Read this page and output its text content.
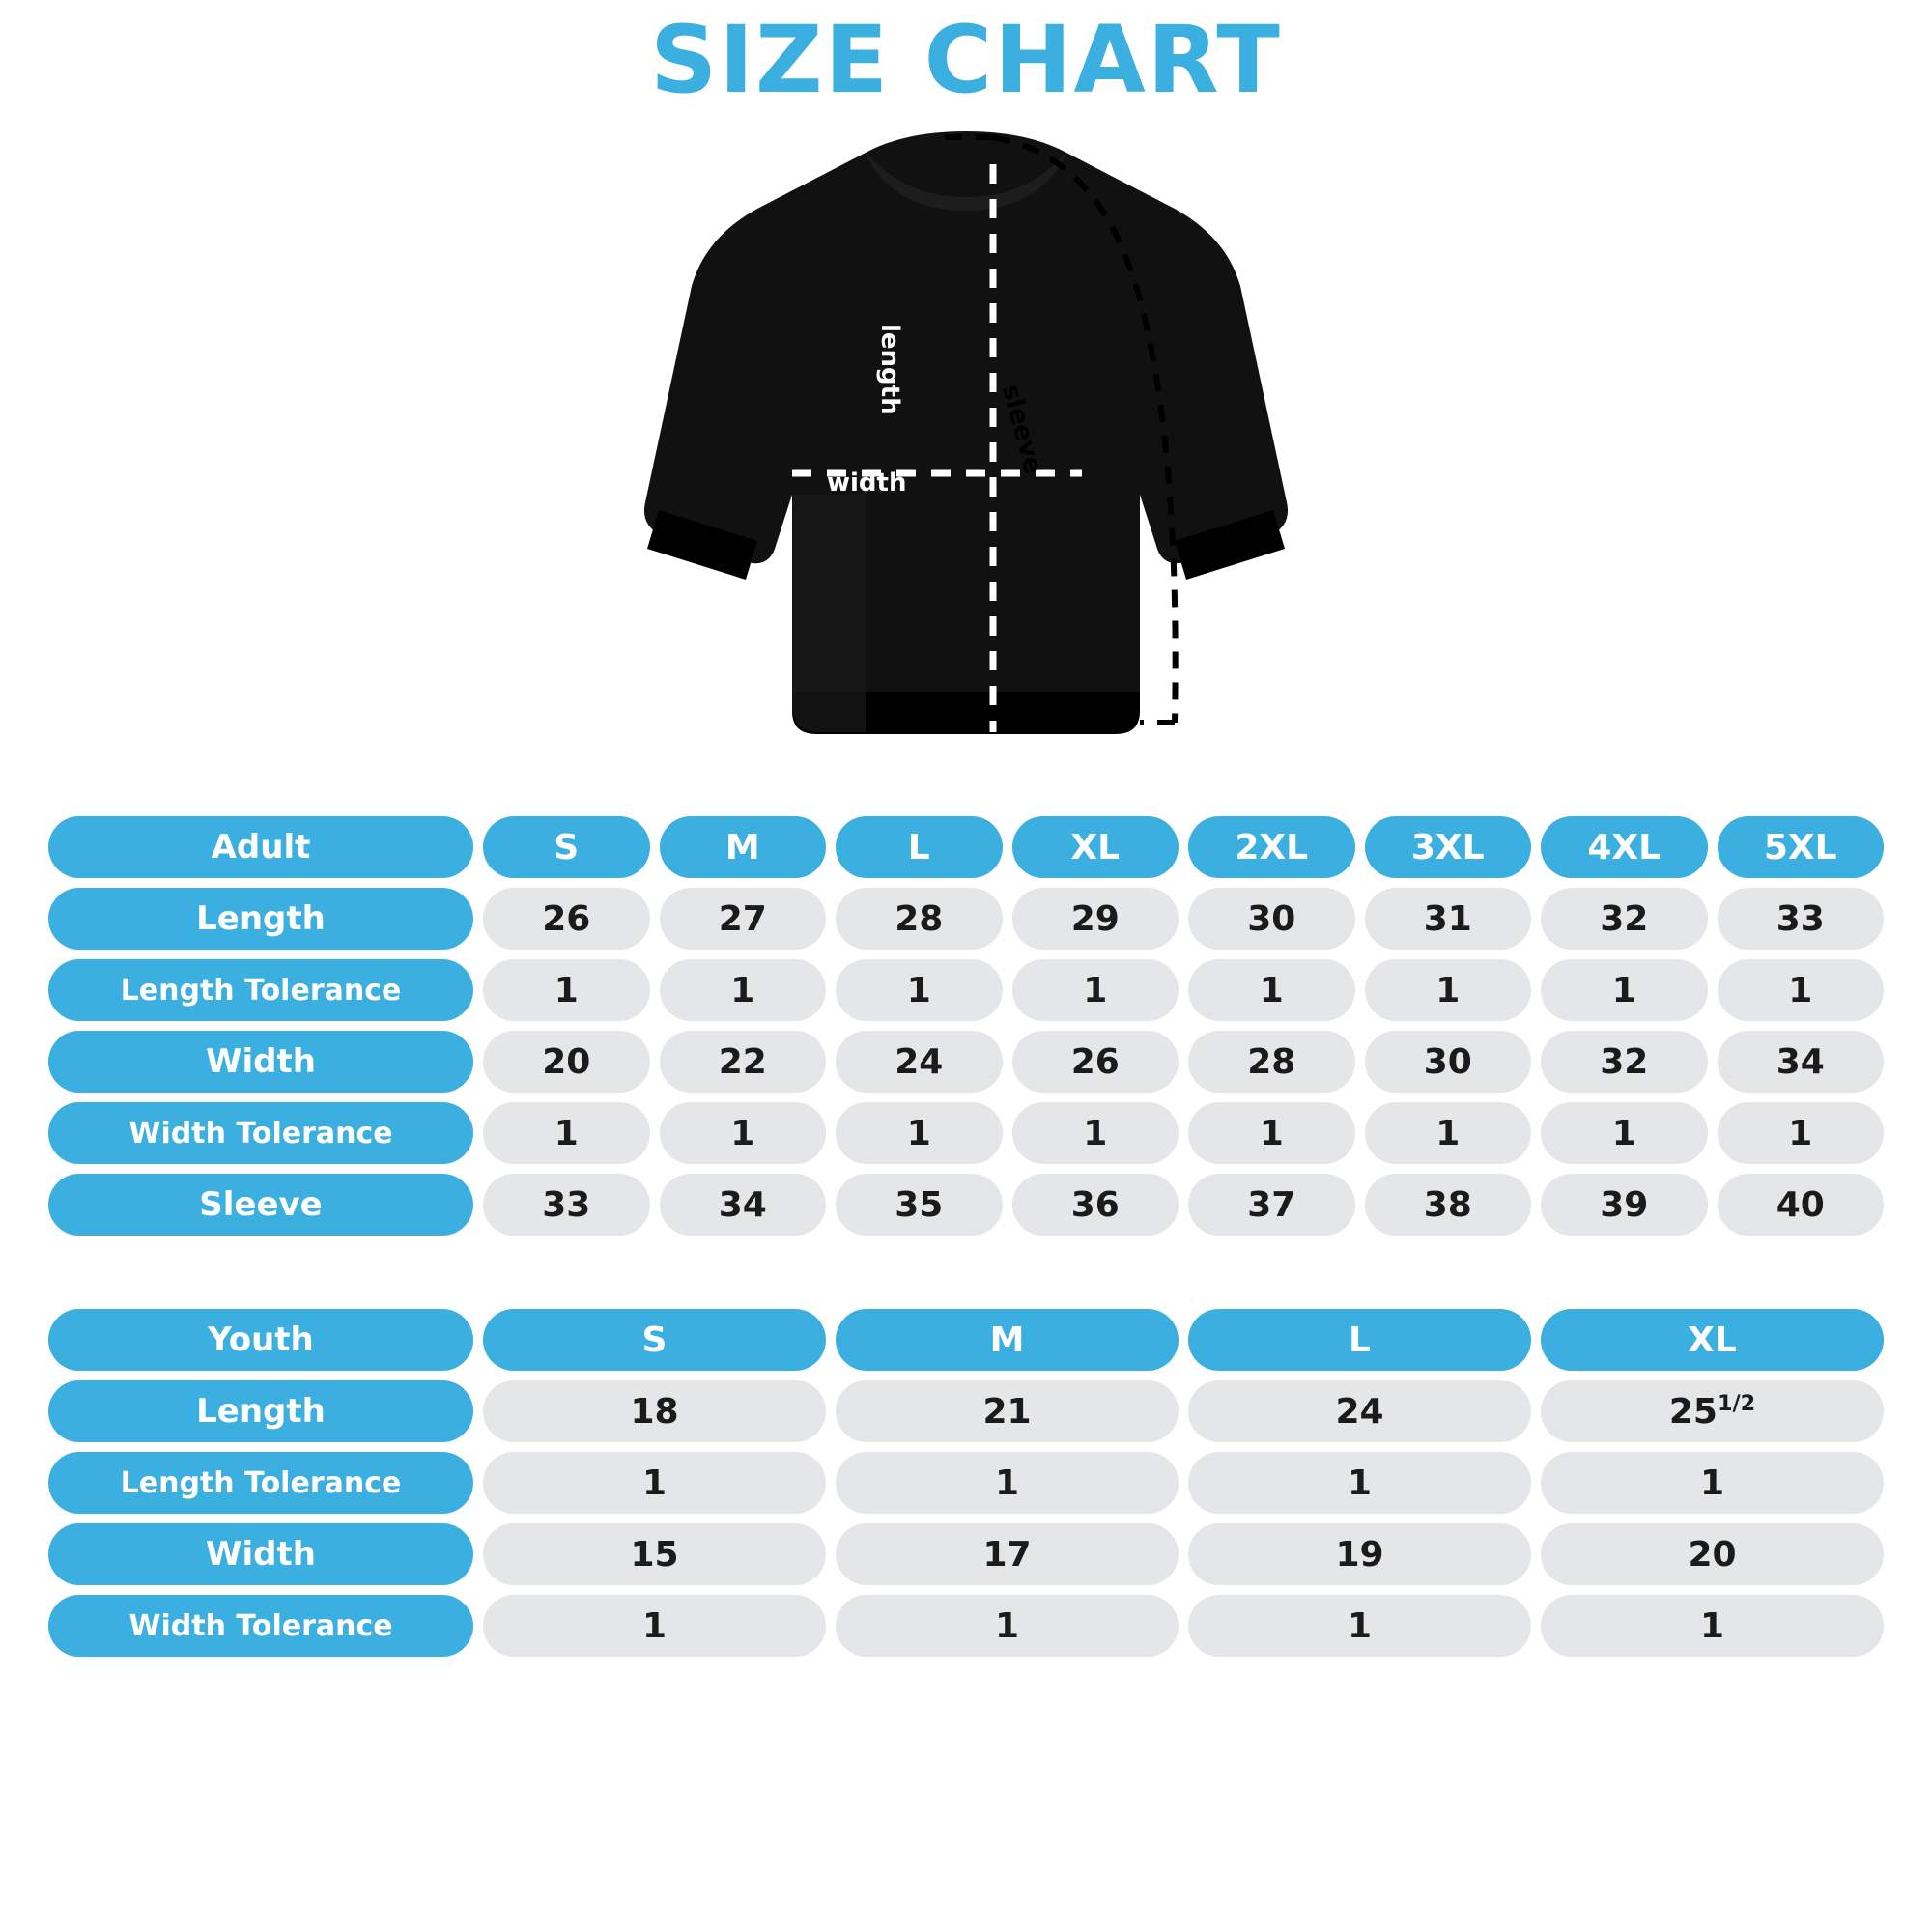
SIZE CHART
width
length
sleeve
Adult	S	M	L	XL	2XL	3XL	4XL	5XL
Length	26	27	28	29	30	31	32	33
Length Tolerance	1	1	1	1	1	1	1	1
Width	20	22	24	26	28	30	32	34
Width Tolerance	1	1	1	1	1	1	1	1
Sleeve	33	34	35	36	37	38	39	40
Youth	S	M	L	XL
Length	18	21	24	$25^{1/2}$
Length Tolerance	1	1	1	1
Width	15	17	19	20
Width Tolerance	1	1	1	1
